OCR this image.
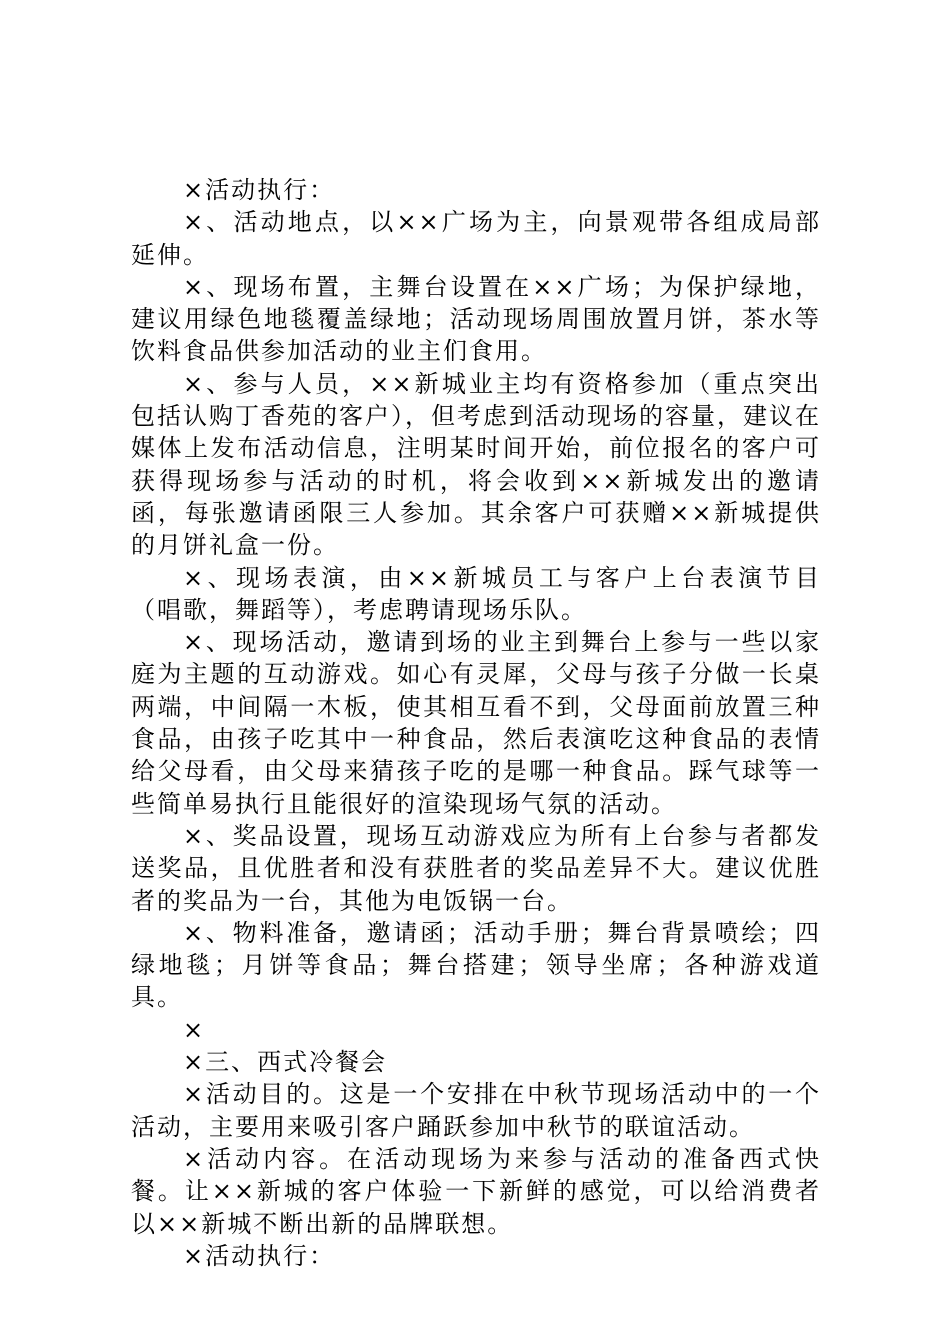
×活动执行：

×、活动地点，以××广场为主，向景观带各组成局部延伸。

×、现场布置，主舞台设置在××广场；为保护绿地，建议用绿色地毯覆盖绿地；活动现场周围放置月饼，茶水等饮料食品供参加活动的业主们食用。

×、参与人员，××新城业主均有资格参加（重点突出包括认购丁香苑的客户），但考虑到活动现场的容量，建议在媒体上发布活动信息，注明某时间开始，前位报名的客户可获得现场参与活动的时机，将会收到××新城发出的邀请函，每张邀请函限三人参加。其余客户可获赠××新城提供的月饼礼盒一份。

×、现场表演，由××新城员工与客户上台表演节目（唱歌，舞蹈等），考虑聘请现场乐队。

×、现场活动，邀请到场的业主到舞台上参与一些以家庭为主题的互动游戏。如心有灵犀，父母与孩子分做一长桌两端，中间隔一木板，使其相互看不到，父母面前放置三种食品，由孩子吃其中一种食品，然后表演吃这种食品的表情给父母看，由父母来猜孩子吃的是哪一种食品。踩气球等一些简单易执行且能很好的渲染现场气氛的活动。

×、奖品设置，现场互动游戏应为所有上台参与者都发送奖品，且优胜者和没有获胜者的奖品差异不大。建议优胜者的奖品为一台，其他为电饭锅一台。

×、物料准备，邀请函；活动手册；舞台背景喷绘；四绿地毯；月饼等食品；舞台搭建；领导坐席；各种游戏道具。

×

×三、西式冷餐会

×活动目的。这是一个安排在中秋节现场活动中的一个活动，主要用来吸引客户踊跃参加中秋节的联谊活动。

×活动内容。在活动现场为来参与活动的准备西式快餐。让××新城的客户体验一下新鲜的感觉，可以给消费者以××新城不断出新的品牌联想。

×活动执行：
